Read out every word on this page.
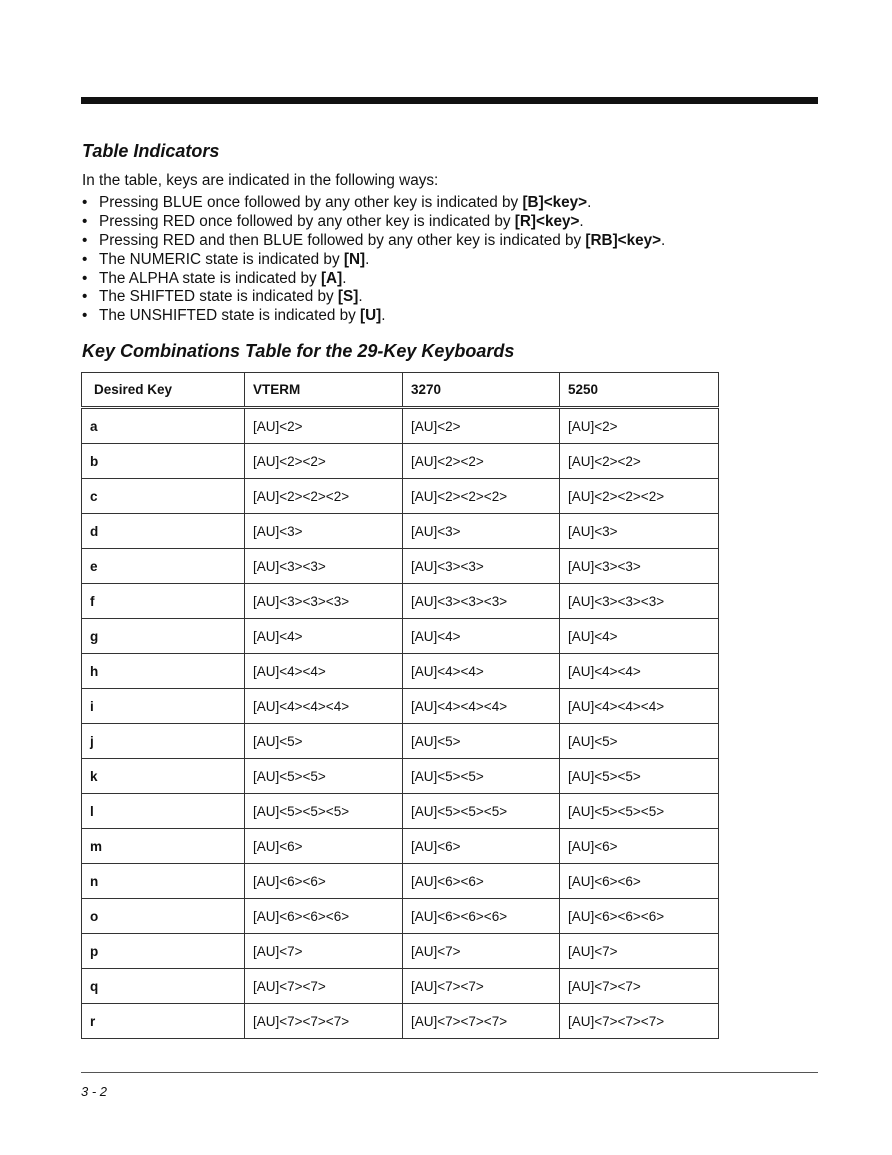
Table Indicators

In the table, keys are indicated in the following ways:

• Pressing BLUE once followed by any other key is indicated by [B]<key>.
• Pressing RED once followed by any other key is indicated by [R]<key>.
• Pressing RED and then BLUE followed by any other key is indicated by [RB]<key>.
• The NUMERIC state is indicated by [N].
• The ALPHA state is indicated by [A].
• The SHIFTED state is indicated by [S].
• The UNSHIFTED state is indicated by [U].
Key Combinations Table for the 29-Key Keyboards
Desired Key	VTERM	3270	5250
a	[AU]<2>	[AU]<2>	[AU]<2>
b	[AU]<2><2>	[AU]<2><2>	[AU]<2><2>
c	[AU]<2><2><2>	[AU]<2><2><2>	[AU]<2><2><2>
d	[AU]<3>	[AU]<3>	[AU]<3>
e	[AU]<3><3>	[AU]<3><3>	[AU]<3><3>
f	[AU]<3><3><3>	[AU]<3><3><3>	[AU]<3><3><3>
g	[AU]<4>	[AU]<4>	[AU]<4>
h	[AU]<4><4>	[AU]<4><4>	[AU]<4><4>
i	[AU]<4><4><4>	[AU]<4><4><4>	[AU]<4><4><4>
j	[AU]<5>	[AU]<5>	[AU]<5>
k	[AU]<5><5>	[AU]<5><5>	[AU]<5><5>
l	[AU]<5><5><5>	[AU]<5><5><5>	[AU]<5><5><5>
m	[AU]<6>	[AU]<6>	[AU]<6>
n	[AU]<6><6>	[AU]<6><6>	[AU]<6><6>
o	[AU]<6><6><6>	[AU]<6><6><6>	[AU]<6><6><6>
p	[AU]<7>	[AU]<7>	[AU]<7>
q	[AU]<7><7>	[AU]<7><7>	[AU]<7><7>
r	[AU]<7><7><7>	[AU]<7><7><7>	[AU]<7><7><7>
3 - 2
